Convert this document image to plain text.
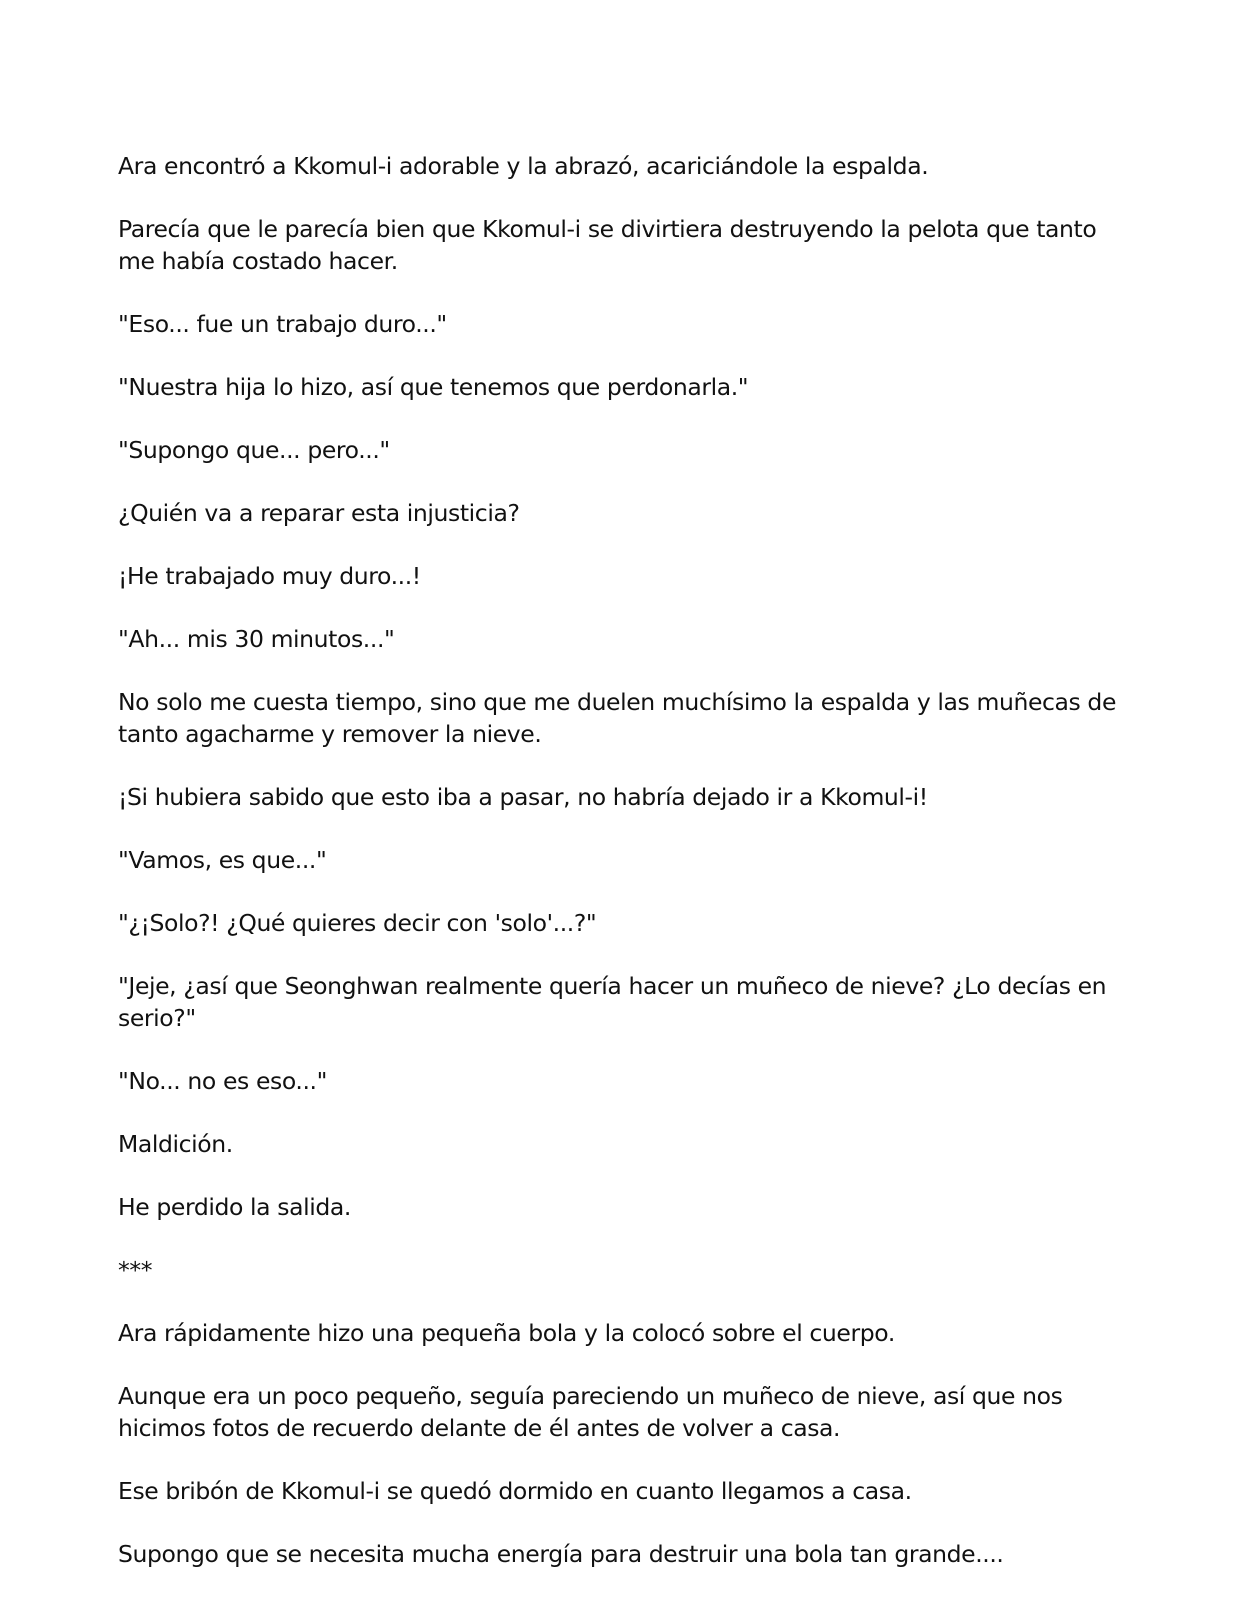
Ara encontró a Kkomul-i adorable y la abrazó, acariciándole la espalda.

Parecía que le parecía bien que Kkomul-i se divirtiera destruyendo la pelota que tanto me había costado hacer.

"Eso... fue un trabajo duro..."

"Nuestra hija lo hizo, así que tenemos que perdonarla."

"Supongo que... pero..."

¿Quién va a reparar esta injusticia?

¡He trabajado muy duro...!

"Ah... mis 30 minutos..."

No solo me cuesta tiempo, sino que me duelen muchísimo la espalda y las muñecas de tanto agacharme y remover la nieve.

¡Si hubiera sabido que esto iba a pasar, no habría dejado ir a Kkomul-i!

"Vamos, es que..."

"¿¡Solo?! ¿Qué quieres decir con 'solo'...?"

"Jeje, ¿así que Seonghwan realmente quería hacer un muñeco de nieve? ¿Lo decías en serio?"

"No... no es eso..."

Maldición.

He perdido la salida.

***

Ara rápidamente hizo una pequeña bola y la colocó sobre el cuerpo.

Aunque era un poco pequeño, seguía pareciendo un muñeco de nieve, así que nos hicimos fotos de recuerdo delante de él antes de volver a casa.

Ese bribón de Kkomul-i se quedó dormido en cuanto llegamos a casa.

Supongo que se necesita mucha energía para destruir una bola tan grande....
